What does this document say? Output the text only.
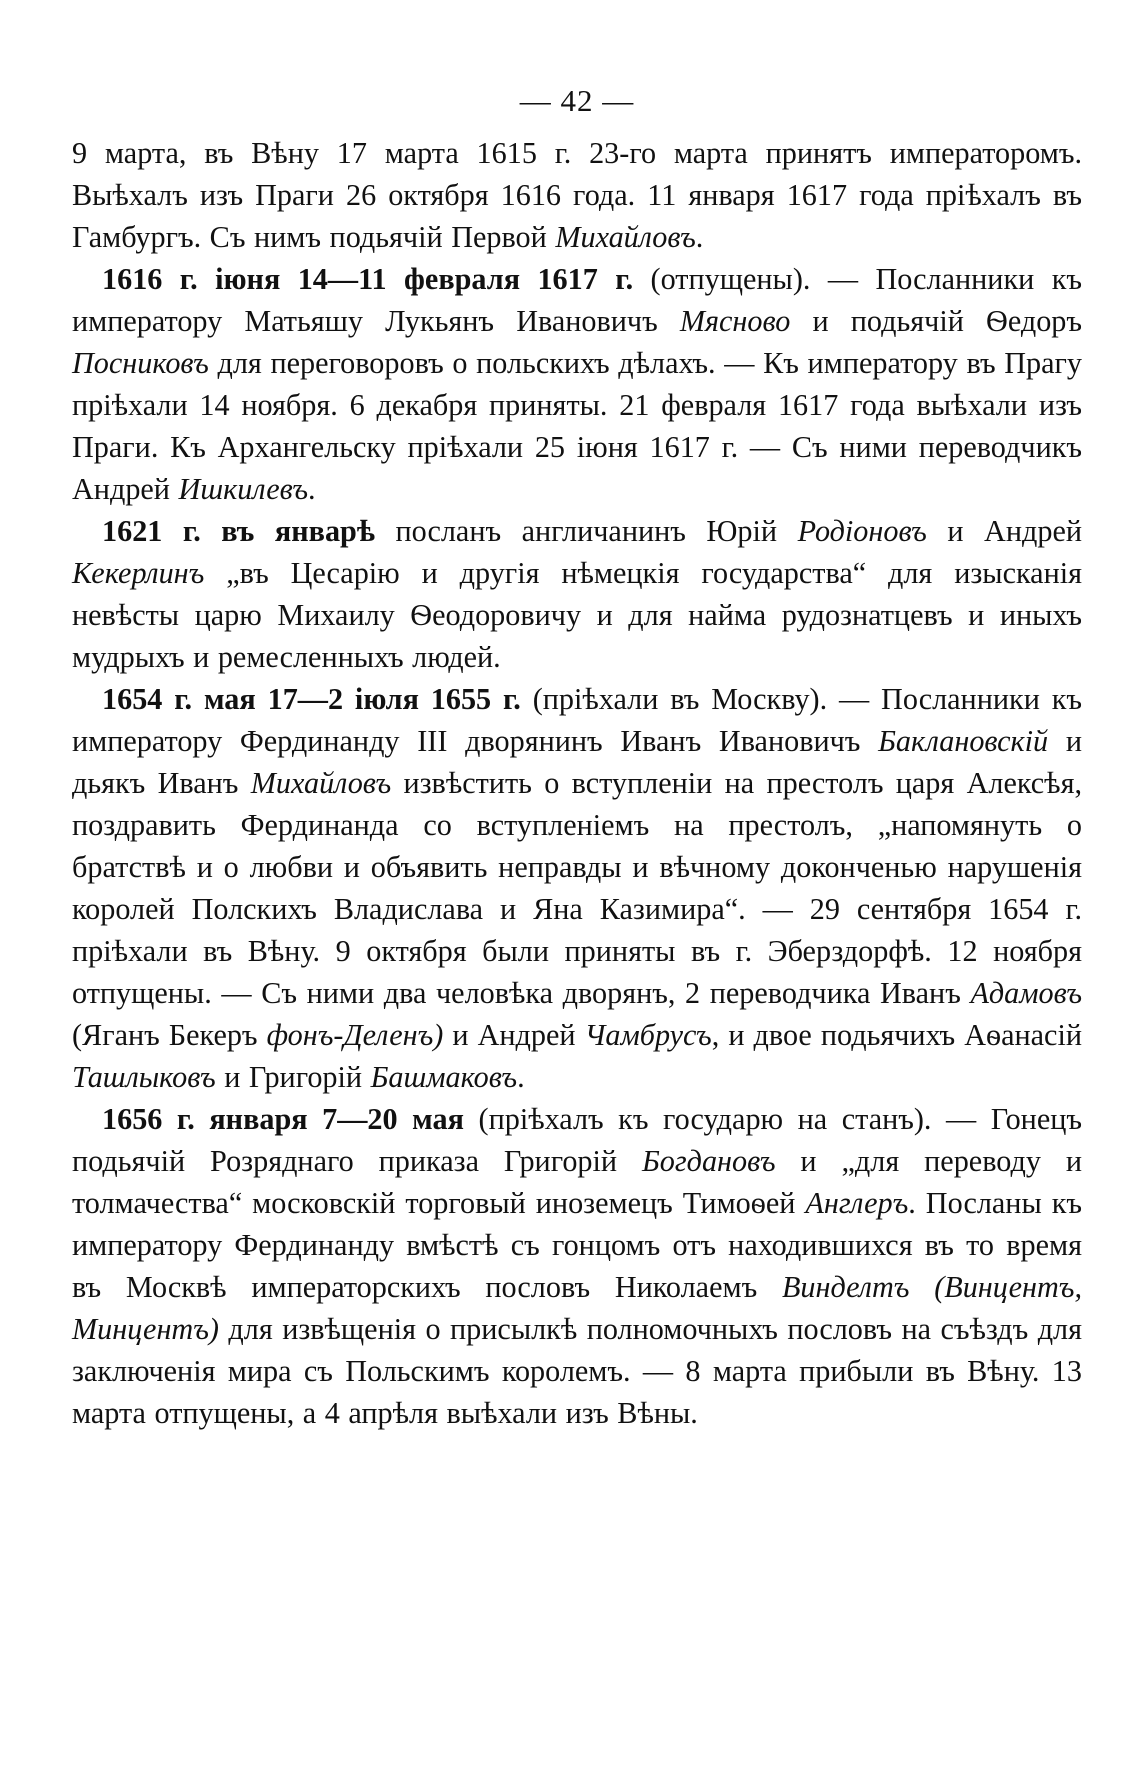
— 42 —

9 марта, въ Вѣну 17 марта 1615 г. 23-го марта принятъ императоромъ. Выѣхалъ изъ Праги 26 октября 1616 года. 11 января 1617 года пріѣхалъ въ Гамбургъ. Съ нимъ подьячій Первой Михайловъ.

1616 г. іюня 14—11 февраля 1617 г. (отпущены). — Посланники къ императору Матьяшу Лукьянъ Ивановичъ Мясново и подьячій Ѳедоръ Посниковъ для переговоровъ о польскихъ дѣлахъ. — Къ императору въ Прагу пріѣхали 14 ноября. 6 декабря приняты. 21 февраля 1617 года выѣхали изъ Праги. Къ Архангельску пріѣхали 25 іюня 1617 г. — Съ ними переводчикъ Андрей Ишкилевъ.

1621 г. въ январѣ посланъ англичанинъ Юрій Родіоновъ и Андрей Кекерлинъ „въ Цесарію и другія нѣмецкія государства“ для изысканія невѣсты царю Михаилу Ѳеодоровичу и для найма рудознатцевъ и иныхъ мудрыхъ и ремесленныхъ людей.

1654 г. мая 17—2 іюля 1655 г. (пріѣхали въ Москву). — Посланники къ императору Фердинанду III дворянинъ Иванъ Ивановичъ Баклановскій и дьякъ Иванъ Михайловъ извѣстить о вступленіи на престолъ царя Алексѣя, поздравить Фердинанда со вступленіемъ на престолъ, „напомянуть о братствѣ и о любви и объявить неправды и вѣчному доконченью нарушенія королей Полскихъ Владислава и Яна Казимира“. — 29 сентября 1654 г. пріѣхали въ Вѣну. 9 октября были приняты въ г. Эберздорфѣ. 12 ноября отпущены. — Съ ними два человѣка дворянъ, 2 переводчика Иванъ Адамовъ (Ягaнъ Бекеръ фонъ-Деленъ) и Андрей Чамбрусъ, и двое подьячихъ Аѳанасій Ташлыковъ и Григорій Башмаковъ.

1656 г. января 7—20 мая (пріѣхалъ къ государю на станъ). — Гонецъ подьячій Розряднаго приказа Григорій Богдановъ и „для переводу и толмачества“ московскій торговый иноземецъ Тимоѳей Англеръ. Посланы къ императору Фердинанду вмѣстѣ съ гонцомъ отъ находившихся въ то время въ Москвѣ императорскихъ пословъ Николаемъ Винделтъ (Винцентъ, Минцентъ) для извѣщенія о присылкѣ полномочныхъ пословъ на съѣздъ для заключенія мира съ Польскимъ королемъ. — 8 марта прибыли въ Вѣну. 13 марта отпущены, а 4 апрѣля выѣхали изъ Вѣны.
